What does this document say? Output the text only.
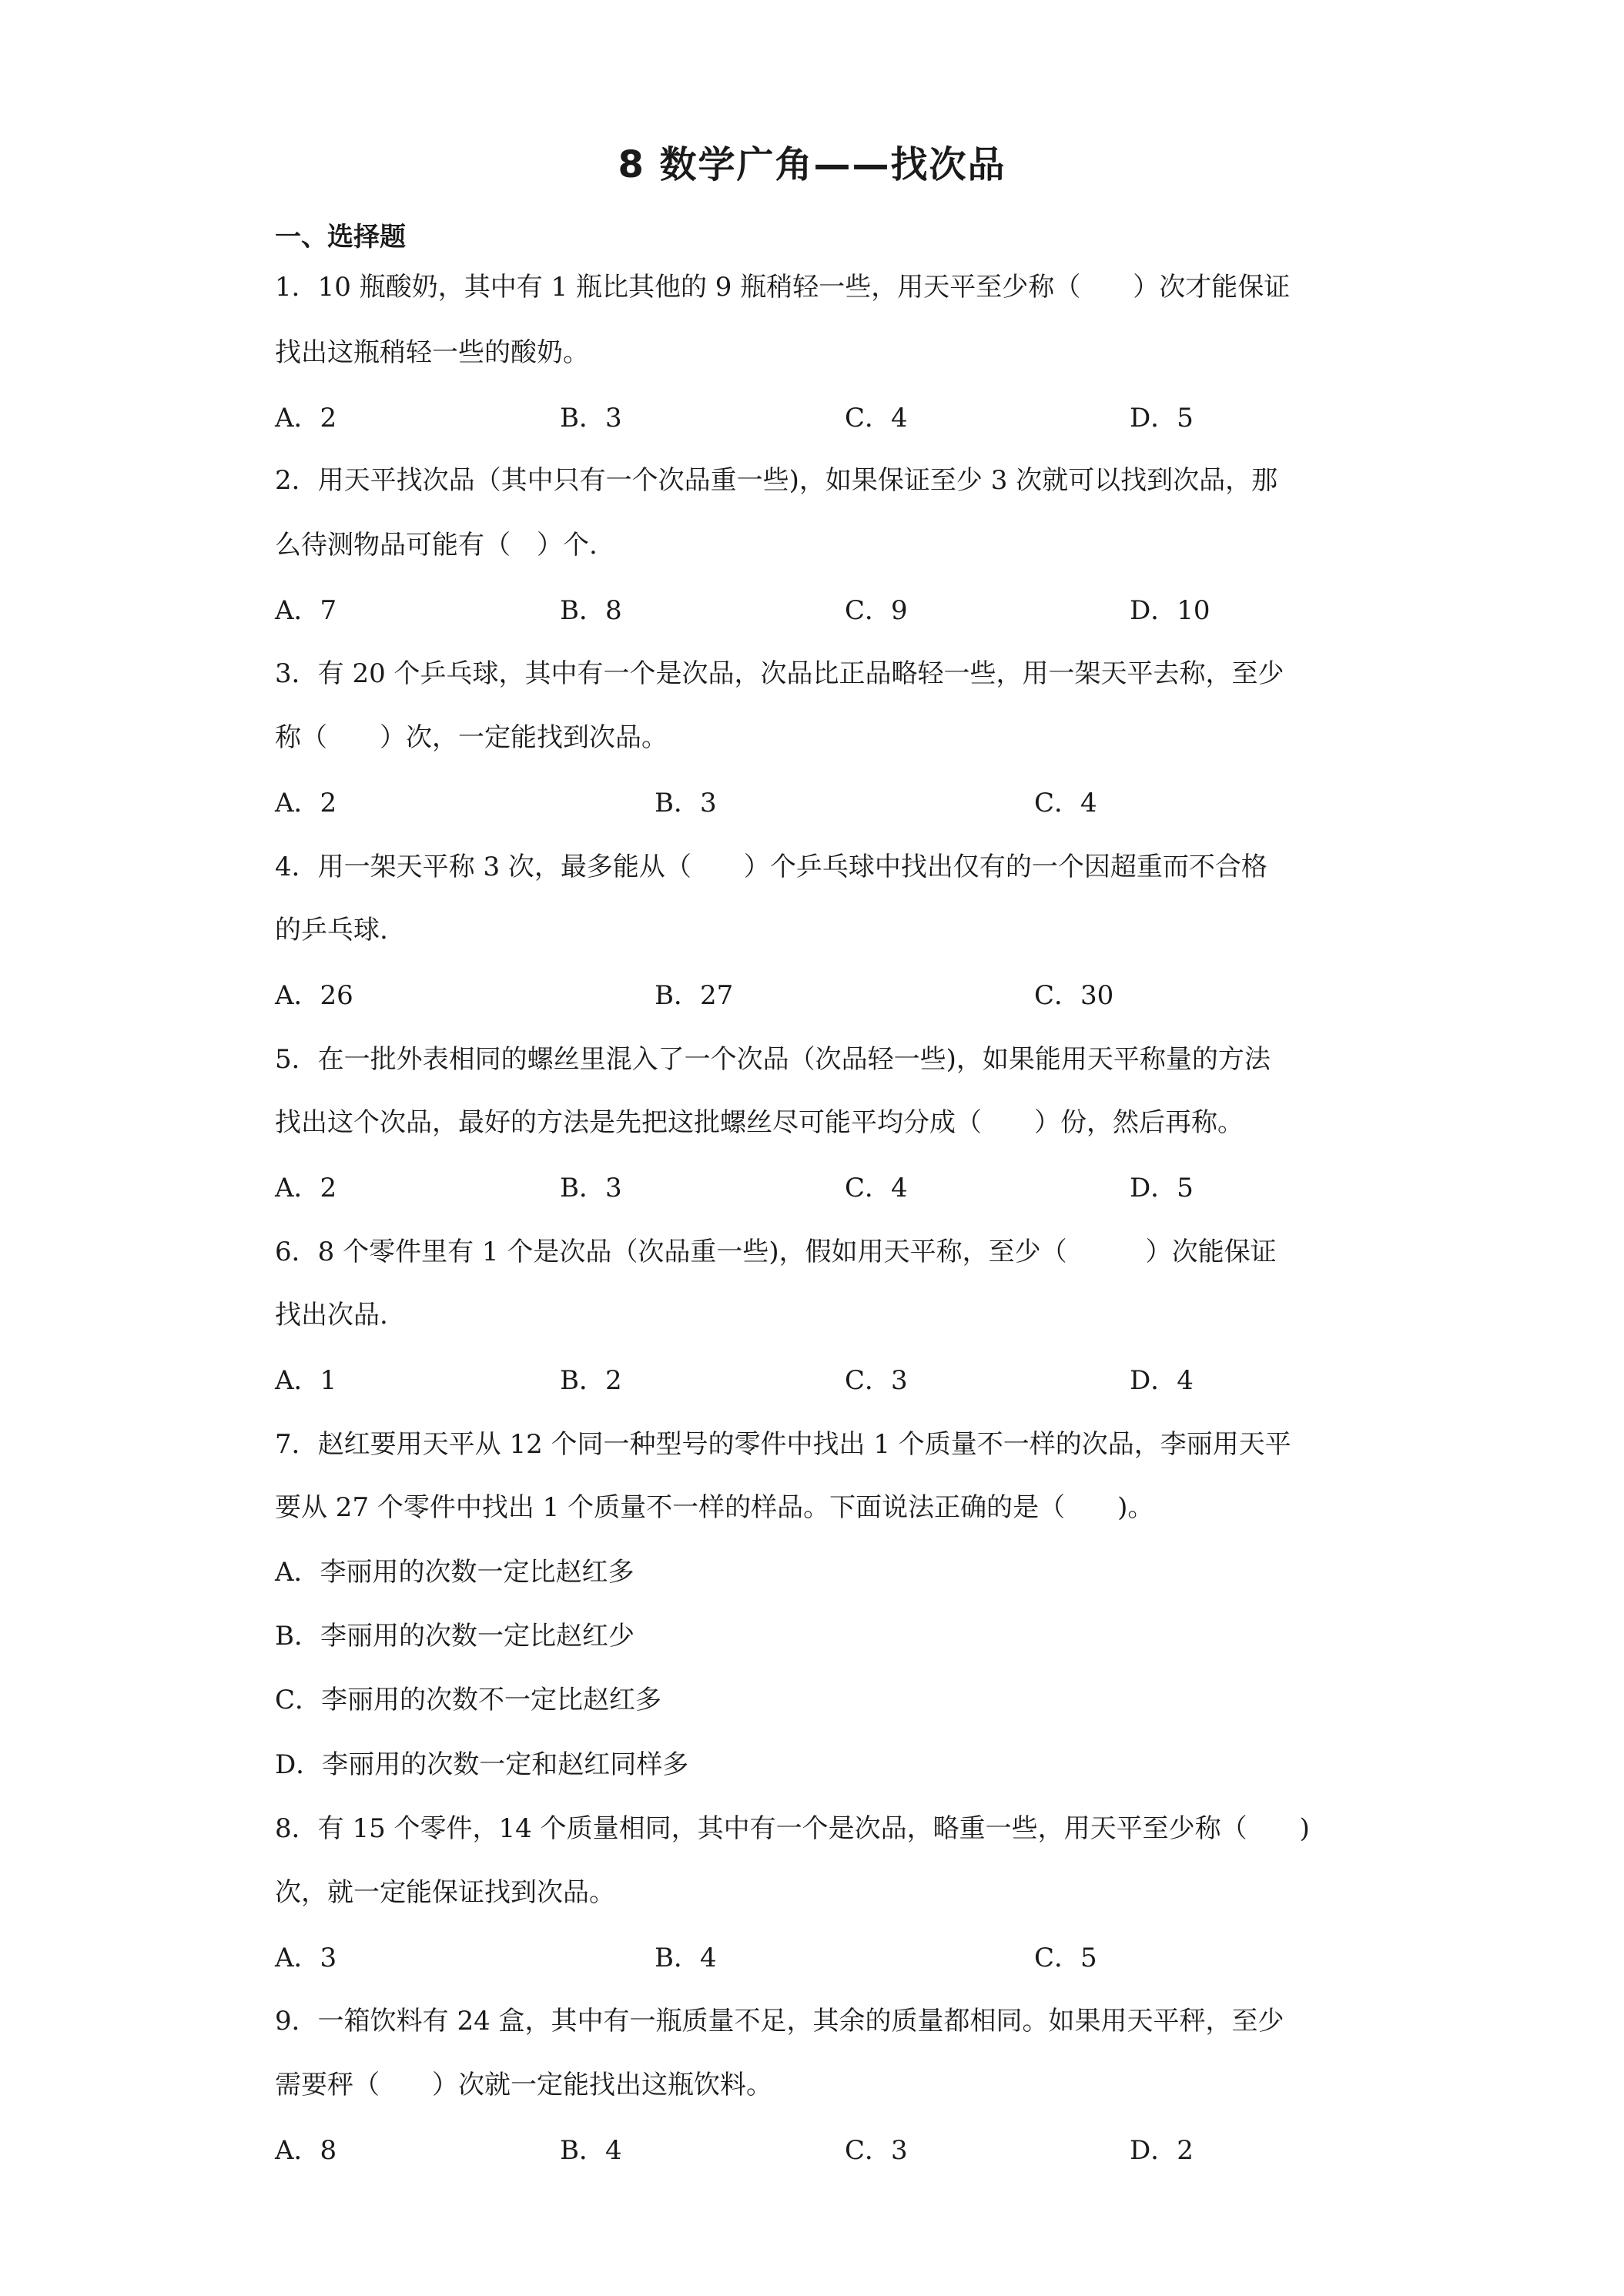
8 数学广角——找次品
一、选择题
1．10 瓶酸奶，其中有 1 瓶比其他的 9 瓶稍轻一些，用天平至少称（　　）次才能保证
找出这瓶稍轻一些的酸奶。
A．2	B．3	C．4	D．5
2．用天平找次品（其中只有一个次品重一些)，如果保证至少 3 次就可以找到次品，那
么待测物品可能有（　）个.
A．7	B．8	C．9	D．10
3．有 20 个乒乓球，其中有一个是次品，次品比正品略轻一些，用一架天平去称，至少
称（　　）次，一定能找到次品。
A．2	B．3	C．4
4．用一架天平称 3 次，最多能从（　　）个乒乓球中找出仅有的一个因超重而不合格
的乒乓球.
A．26	B．27	C．30
5．在一批外表相同的螺丝里混入了一个次品（次品轻一些)，如果能用天平称量的方法
找出这个次品，最好的方法是先把这批螺丝尽可能平均分成（　　）份，然后再称。
A．2	B．3	C．4	D．5
6．8 个零件里有 1 个是次品（次品重一些)，假如用天平称，至少（　　　）次能保证
找出次品.
A．1	B．2	C．3	D．4
7．赵红要用天平从 12 个同一种型号的零件中找出 1 个质量不一样的次品，李丽用天平
要从 27 个零件中找出 1 个质量不一样的样品。下面说法正确的是（　　)。
A．李丽用的次数一定比赵红多
B．李丽用的次数一定比赵红少
C．李丽用的次数不一定比赵红多
D．李丽用的次数一定和赵红同样多
8．有 15 个零件，14 个质量相同，其中有一个是次品，略重一些，用天平至少称（　　)
次，就一定能保证找到次品。
A．3	B．4	C．5
9．一箱饮料有 24 盒，其中有一瓶质量不足，其余的质量都相同。如果用天平秤，至少
需要秤（　　）次就一定能找出这瓶饮料。
A．8	B．4	C．3	D．2
